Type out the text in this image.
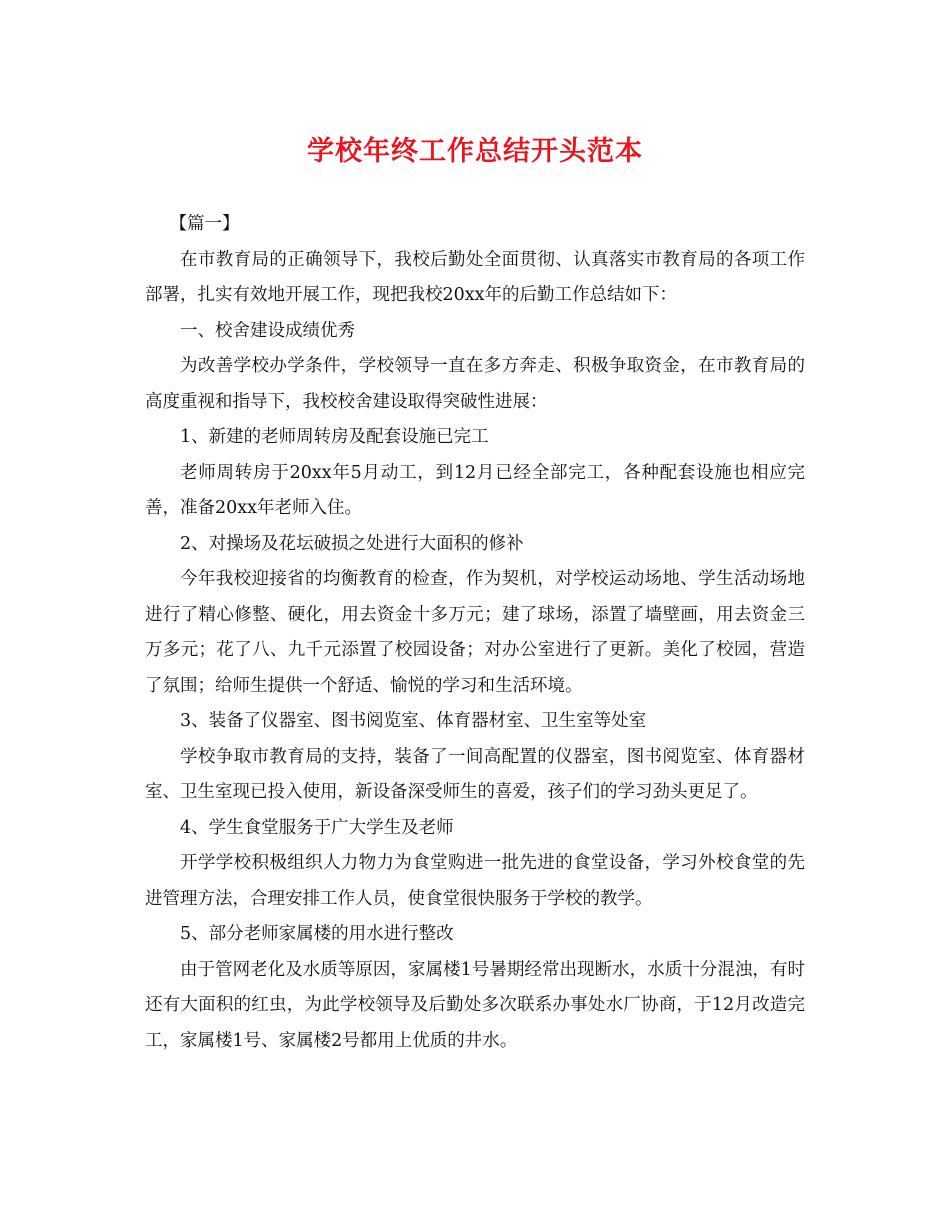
学校年终工作总结开头范本

【篇一】

在市教育局的正确领导下，我校后勤处全面贯彻、认真落实市教育局的各项工作部署，扎实有效地开展工作，现把我校20xx年的后勤工作总结如下：

一、校舍建设成绩优秀

为改善学校办学条件，学校领导一直在多方奔走、积极争取资金，在市教育局的高度重视和指导下，我校校舍建设取得突破性进展：

1、新建的老师周转房及配套设施已完工

老师周转房于20xx年5月动工，到12月已经全部完工，各种配套设施也相应完善，准备20xx年老师入住。

2、对操场及花坛破损之处进行大面积的修补

今年我校迎接省的均衡教育的检查，作为契机，对学校运动场地、学生活动场地进行了精心修整、硬化，用去资金十多万元；建了球场，添置了墙壁画，用去资金三万多元；花了八、九千元添置了校园设备；对办公室进行了更新。美化了校园，营造了氛围；给师生提供一个舒适、愉悦的学习和生活环境。

3、装备了仪器室、图书阅览室、体育器材室、卫生室等处室

学校争取市教育局的支持，装备了一间高配置的仪器室，图书阅览室、体育器材室、卫生室现已投入使用，新设备深受师生的喜爱，孩子们的学习劲头更足了。

4、学生食堂服务于广大学生及老师

开学学校积极组织人力物力为食堂购进一批先进的食堂设备，学习外校食堂的先进管理方法，合理安排工作人员，使食堂很快服务于学校的教学。

5、部分老师家属楼的用水进行整改

由于管网老化及水质等原因，家属楼1号暑期经常出现断水，水质十分混浊，有时还有大面积的红虫，为此学校领导及后勤处多次联系办事处水厂协商，于12月改造完工，家属楼1号、家属楼2号都用上优质的井水。
